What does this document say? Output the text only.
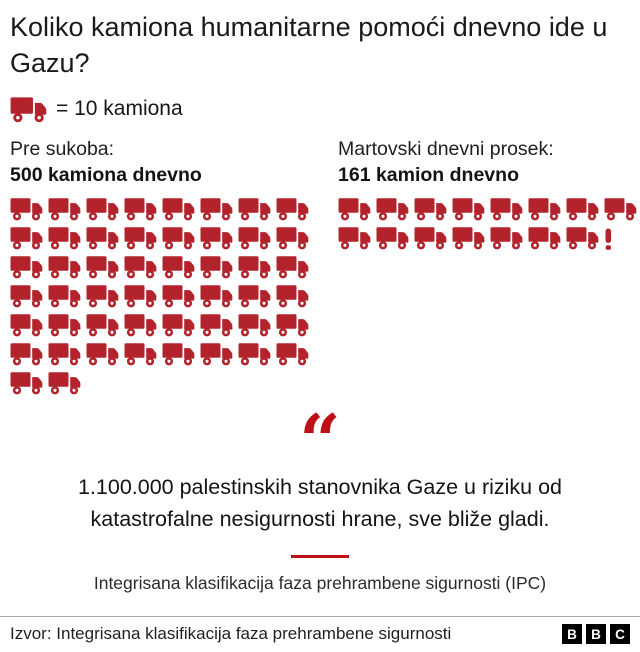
Koliko kamiona humanitarne pomoći dnevno ide u Gazu?
= 10 kamiona
Pre sukoba:
500 kamiona dnevno
Martovski dnevni prosek:
161 kamion dnevno
“
1.100.000 palestinskih stanovnika Gaze u riziku od katastrofalne nesigurnosti hrane, sve bliže gladi.
Integrisana klasifikacija faza prehrambene sigurnosti (IPC)
Izvor: Integrisana klasifikacija faza prehrambene sigurnosti	B	B	C
